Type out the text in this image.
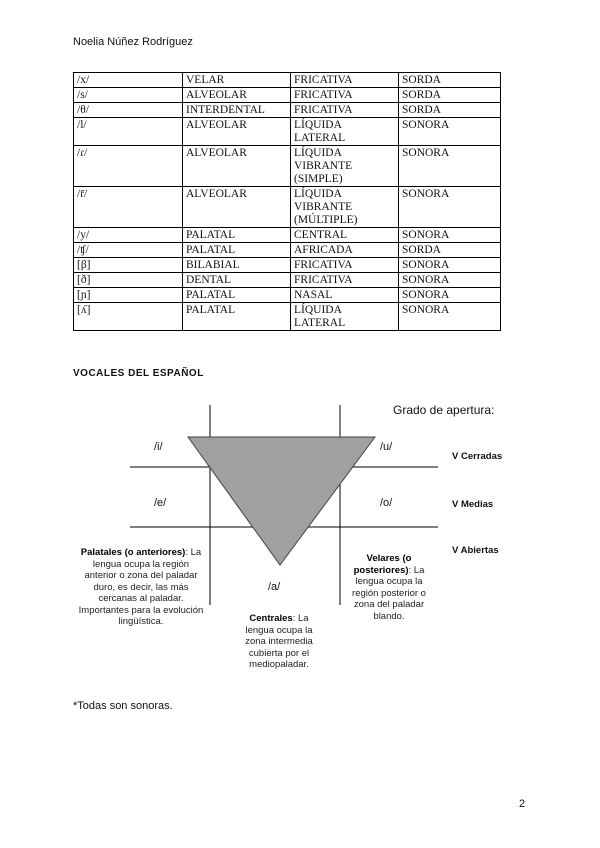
Noelia Núñez Rodríguez
/x/	VELAR	FRICATIVA	SORDA
/s/	ALVEOLAR	FRICATIVA	SORDA
/θ/	INTERDENTAL	FRICATIVA	SORDA
/l/	ALVEOLAR	LÍQUIDA LATERAL	SONORA
/ɾ/	ALVEOLAR	LÍQUIDA VIBRANTE (SIMPLE)	SONORA
/r̄/	ALVEOLAR	LÍQUIDA VIBRANTE (MÚLTIPLE)	SONORA
/y/	PALATAL	CENTRAL	SONORA
/ʧ/	PALATAL	AFRICADA	SORDA
[β]	BILABIAL	FRICATIVA	SONORA
[ð]	DENTAL	FRICATIVA	SONORA
[ɲ]	PALATAL	NASAL	SONORA
[ʎ]	PALATAL	LÍQUIDA LATERAL	SONORA
VOCALES DEL ESPAÑOL
Grado de apertura:
/i/	/u/
/e/	/o/
/a/
V Cerradas
V Medias
V Abiertas
Palatales (o anteriores): La lengua ocupa la región anterior o zona del paladar duro, es decir, las más cercanas al paladar. Importantes para la evolución lingüística.	Centrales: La lengua ocupa la zona intermedia cubierta por el mediopaladar.
Velares (o posteriores): La lengua ocupa la región posterior o zona del paladar blando.
*Todas son sonoras.
2
